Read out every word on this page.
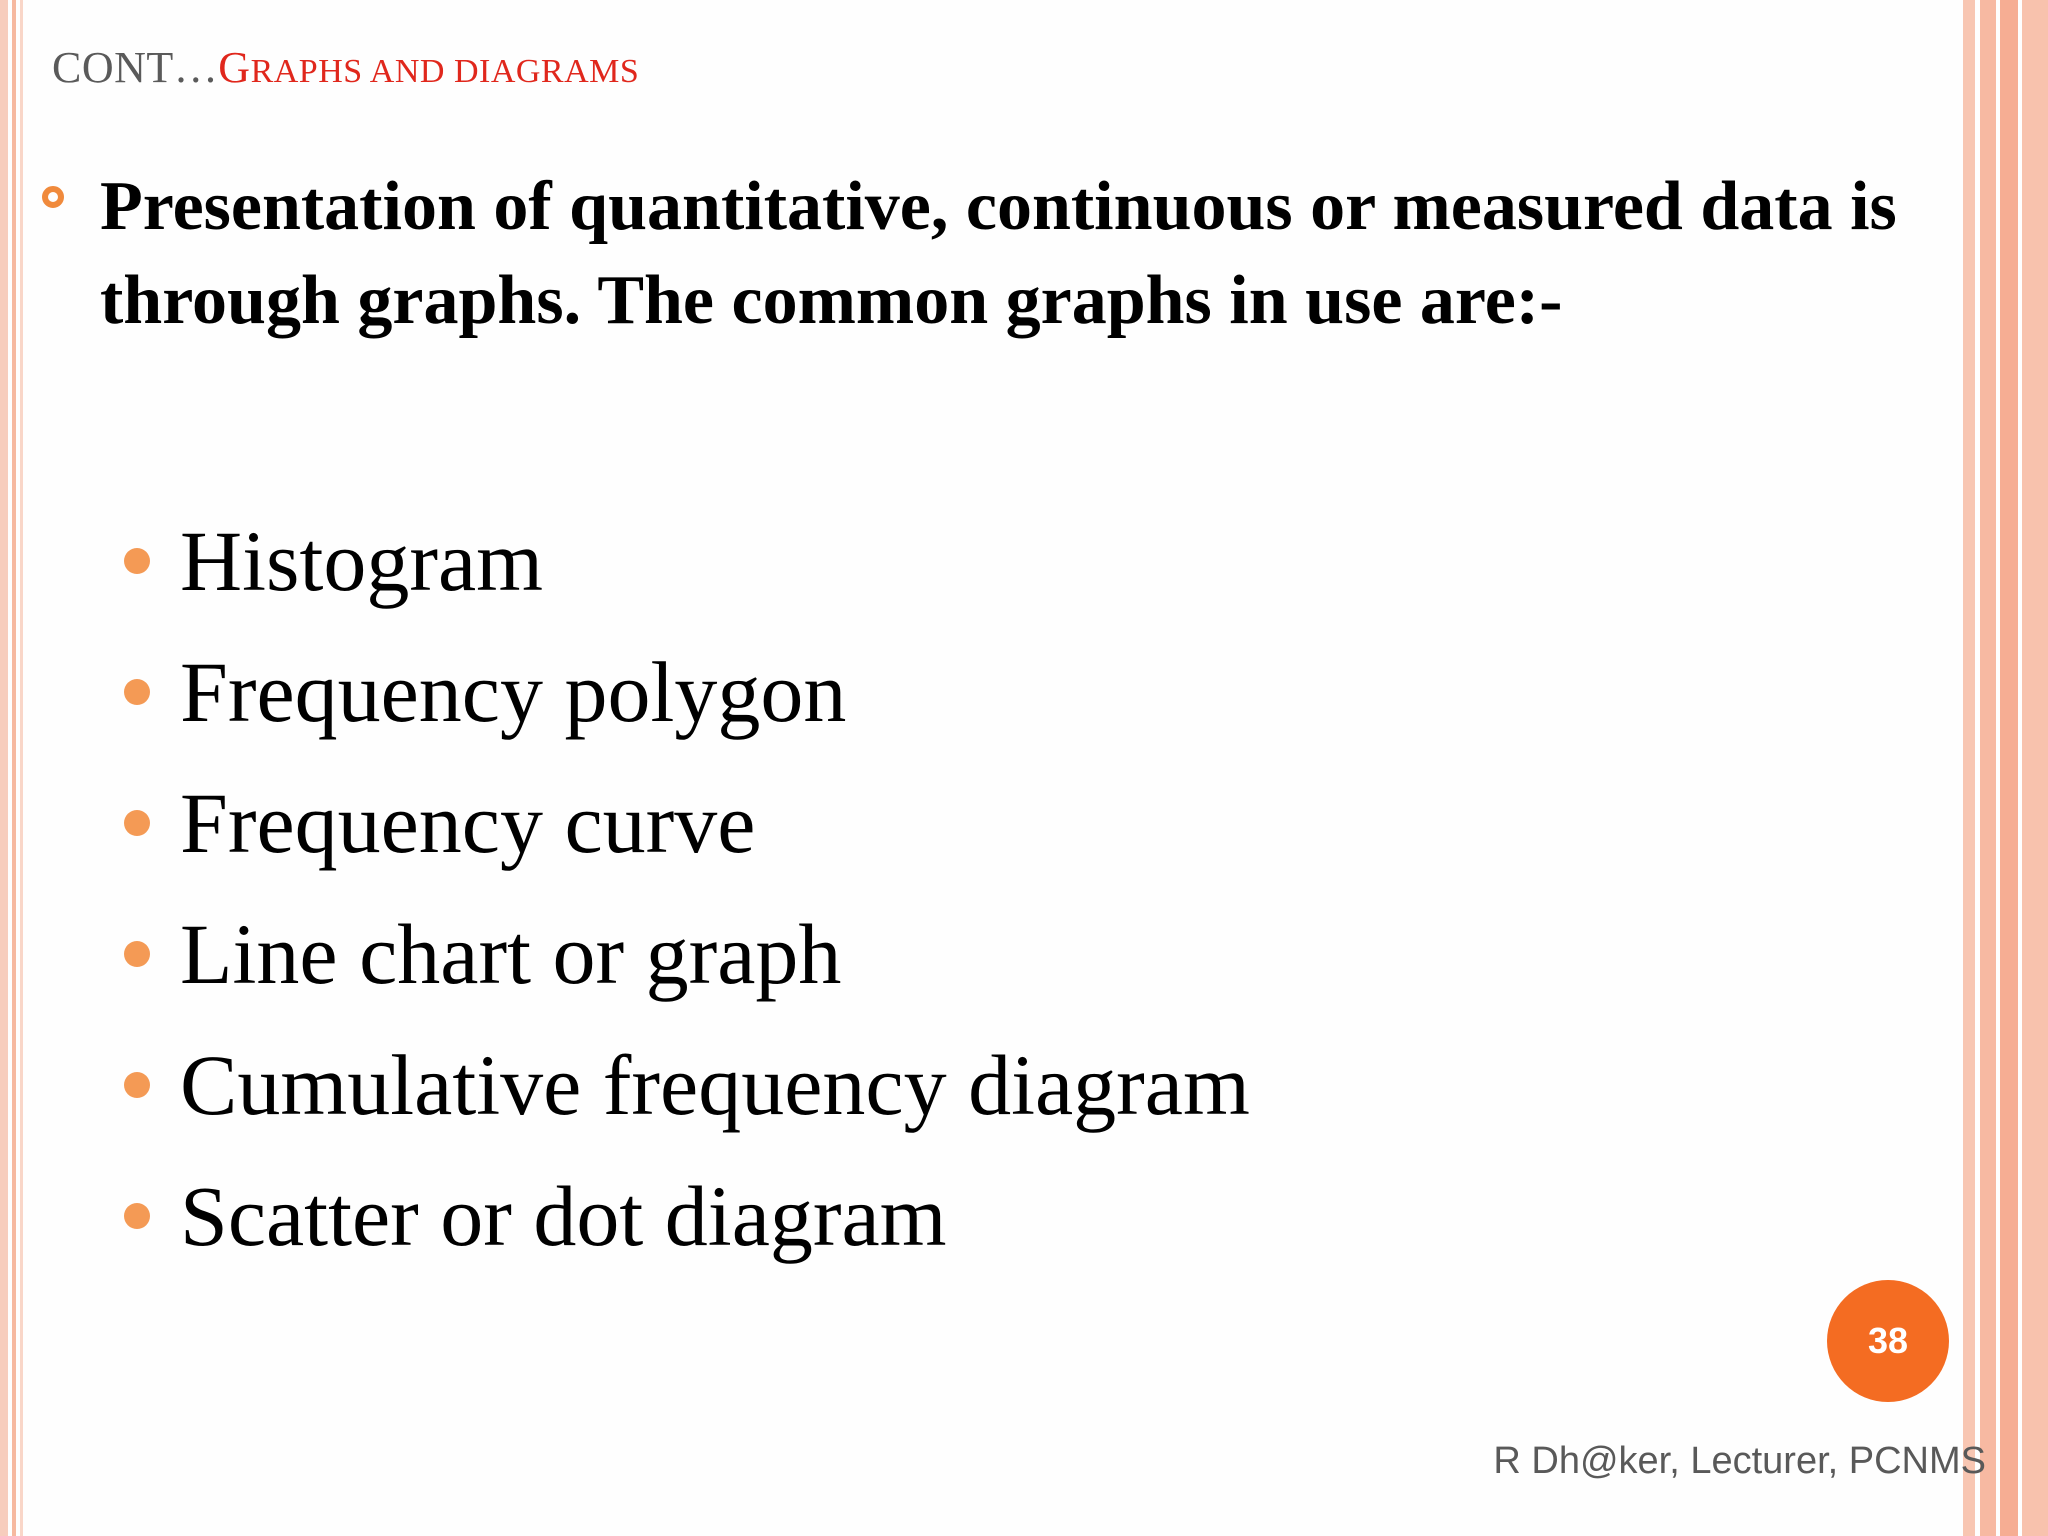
CONT…GRAPHS AND DIAGRAMS
Presentation of quantitative, continuous or measured data is through graphs. The common graphs in use are:-
Histogram
Frequency polygon
Frequency curve
Line chart or graph
Cumulative frequency diagram
Scatter or dot diagram
38
R Dh@ker, Lecturer, PCNMS
